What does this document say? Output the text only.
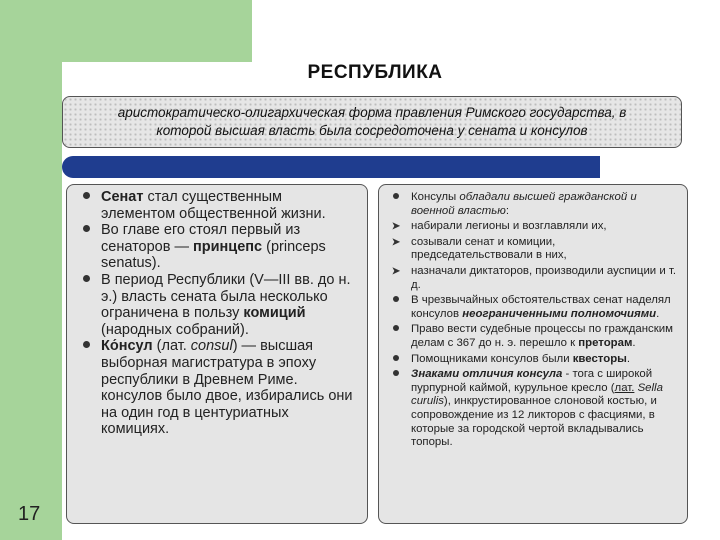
РЕСПУБЛИКА
аристократическо-олигархическая форма правления Римского государства, в
которой высшая власть была сосредоточена у сената и консулов
17
Сенат стал существенным элементом общественной жизни.
Во главе его стоял первый из сенаторов — принцепс (princeps senatus).
В период Республики (V—III вв. до н. э.) власть сената была несколько ограничена в пользу комиций (народных собраний).
Ко́нсул (лат. consul) — высшая выборная магистратура в эпоху республики в Древнем Риме. консулов было двое, избирались они на один год в центуриатных комициях.
Консулы обладали высшей гражданской и военной властью:
➤ набирали легионы и возглавляли их,
➤ созывали сенат и комиции, председательствовали в них,
➤ назначали диктаторов, производили ауспиции и т. д.
В чрезвычайных обстоятельствах сенат наделял консулов неограниченными полномочиями.
Право вести судебные процессы по гражданским делам с 367 до н. э. перешло к преторам.
Помощниками консулов были квесторы.
Знаками отличия консула - тога с широкой пурпурной каймой, курульное кресло (лат. Sella curulis), инкрустированное слоновой костью, и сопровождение из 12 ликторов с фасциями, в которые за городской чертой вкладывались топоры.
